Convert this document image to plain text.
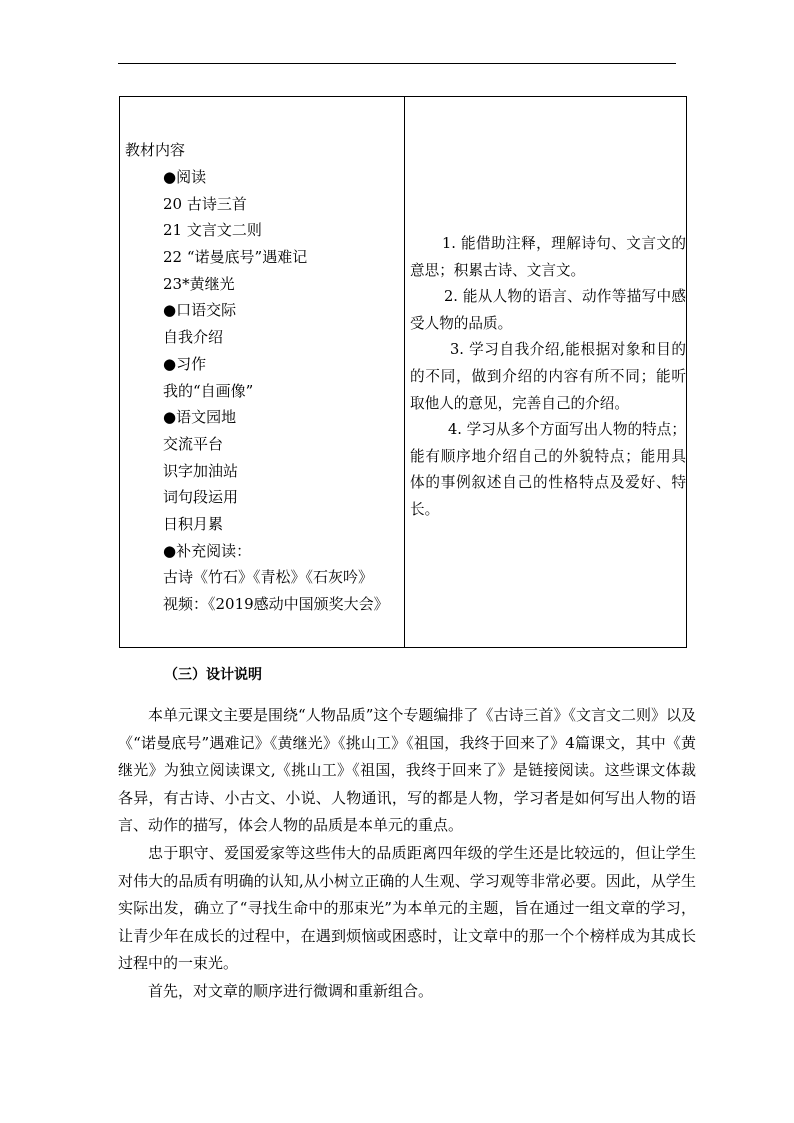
教材内容
●阅读
20 古诗三首
21 文言文二则
22 “诺曼底号”遇难记
23*黄继光
●口语交际
自我介绍
●习作
我的“自画像”
●语文园地
交流平台
识字加油站
词句段运用
日积月累
●补充阅读：
古诗《竹石》《青松》《石灰吟》
视频：《2019感动中国颁奖大会》

1. 能借助注释，理解诗句、文言文的意思；积累古诗、文言文。

2. 能从人物的语言、动作等描写中感受人物的品质。

3. 学习自我介绍,能根据对象和目的的不同，做到介绍的内容有所不同；能听取他人的意见，完善自己的介绍。

4. 学习从多个方面写出人物的特点；能有顺序地介绍自己的外貌特点；能用具体的事例叙述自己的性格特点及爱好、特长。

（三）设计说明

本单元课文主要是围绕“人物品质”这个专题编排了《古诗三首》《文言文二则》以及《“诺曼底号”遇难记》《黄继光》《挑山工》《祖国，我终于回来了》4篇课文，其中《黄继光》为独立阅读课文,《挑山工》《祖国，我终于回来了》是链接阅读。这些课文体裁各异，有古诗、小古文、小说、人物通讯，写的都是人物，学习者是如何写出人物的语言、动作的描写，体会人物的品质是本单元的重点。

忠于职守、爱国爱家等这些伟大的品质距离四年级的学生还是比较远的，但让学生对伟大的品质有明确的认知,从小树立正确的人生观、学习观等非常必要。因此，从学生实际出发，确立了“寻找生命中的那束光”为本单元的主题，旨在通过一组文章的学习，让青少年在成长的过程中，在遇到烦恼或困惑时，让文章中的那一个个榜样成为其成长过程中的一束光。

首先，对文章的顺序进行微调和重新组合。
